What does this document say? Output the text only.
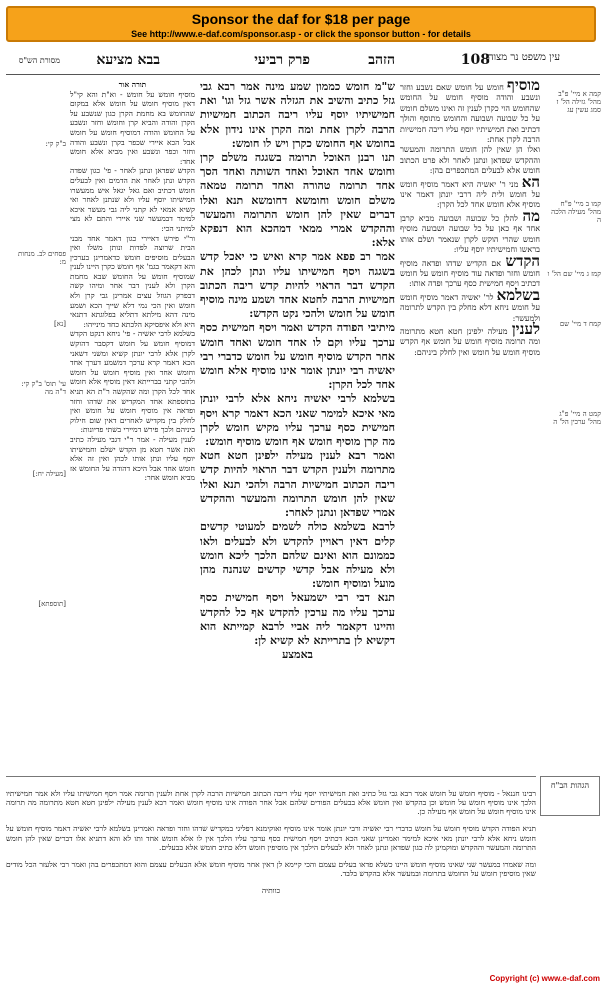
Sponsor the daf for $18 per page
See http://www.e-daf.com/sponsor.asp - or click the sponsor button - for details
עין משפט נר מצוה
108
הזהב
פרק רביעי
בבא מציעא
מסורת הש"ס
קמה א מיי' פ"ב מהל' גזילה הל' ז סמג עשין עג
קמו ב מיי' פ"ח מהל' מעילה הלכה ה
קמז ג מיי' שם הל' ו
קמח ד מיי' שם
קמט ה מיי' פ"ג מהל' ערכין הל' ה
ב"ק קי:
פסחים לב. מנחות מ:
[נא]
עי' תוס' ב"ק קי: ד"ה מה
[מעילה יח:]
[תוספתא]

מוסיף חומש על חומש שאם נשבע וחזר ונשבע והודה מוסיף חומש על החומש שהחומש הוי כקרן לענין זה ואינו משלם חומש על כל שבועה ושבועה והחומש מתוסף והולך דכתיב ואת חמישיתיו יוסף עליו ריבה חמישיות הרבה לקרן אחת:

ואלו הן שאין להן חומש התרומה והמעשר וההקדש שפדאן ונתנן לאחר ולא פרט הכתוב חומש אלא לבעלים המתכפרים בהן:

הא מני ר' יאשיה היא דאמר מוסיף חומש על חומש ולית ליה דרבי יונתן דאמר אינו מוסיף אלא חומש אחד לכל הקרן:

מה להלן כל שבועה ושבועה מביא קרבן אחד אף כאן על כל שבועה ושבועה מוסיף חומש שהרי הוקש לקרן שנאמר ושלם אותו בראשו וחמישיתיו יוסף עליו:

הקדש אם הקדיש שדהו ופדאה מוסיף חומש וחזר ופדאה עוד מוסיף חומש על חומש דכתיב ויסף חמישית כסף ערכך ופדה אותו:

בשלמא לר' יאשיה דאמר מוסיף חומש על חומש ניחא דלא מחלק בין הקדש לתרומה ולמעשר:

לענין מעילה ילפינן חטא חטא מתרומה ומה תרומה מוסיף חומש על חומש אף הקדש מוסיף חומש על חומש ואין לחלק ביניהם:

ש"מ חומש כממון שמע מינה אמר רבא גבי גזל כתיב והשיב את הגזלה אשר גזל וגו' ואת חמישיתיו יוסף עליו ריבה הכתוב חמישיות הרבה לקרן אחת ומה הקרן אינו נידון אלא בחומש אף החומש כקרן ויש לו חומש:

תנו רבנן האוכל תרומה בשגגה משלם קרן וחומש אחד האוכל ואחד השותה ואחד הסך אחד תרומה טהורה ואחד תרומה טמאה משלם חומש וחומשא דחומשא תנא ואלו דברים שאין להן חומש התרומה והמעשר וההקדש אמרי ממאי דמהכא הוא דנפקא אלא:

אמר רב פפא אמר קרא ואיש כי יאכל קדש בשגגה ויסף חמישיתו עליו ונתן לכהן את הקדש דבר הראוי להיות קדש ריבה הכתוב חמישיות הרבה לחטא אחד ושמע מינה מוסיף חומש על חומש ולהכי נקט הקדש:

מיתיבי הפודה הקדש ואמר ויסף חמישית כסף ערכך עליו וקם לו אחד חומש ואחד חומש אחר הקדש מוסיף חומש על חומש כדברי רבי יאשיה רבי יונתן אומר אינו מוסיף אלא חומש אחד לכל הקרן:

בשלמא לרבי יאשיה ניחא אלא לרבי יונתן מאי איכא למימר שאני הכא דאמר קרא ויסף חמישית כסף ערכך עליו מקיש חומש לקרן מה קרן מוסיף חומש אף חומש מוסיף חומש:

ואמר רבא לענין מעילה ילפינן חטא חטא מתרומה ולענין הקדש דבר הראוי להיות קדש ריבה הכתוב חמישיות הרבה ולהכי תנא ואלו שאין להן חומש התרומה והמעשר וההקדש אמרי שפדאן ונתנן לאחר:

לרבא בשלמא כולה לשמים למעוטי קדשים קלים דאין ראויין להקדש ולא לבעלים ולאו כממונם הוא ואינם שלהם הלכך ליכא חומש ולא מעילה אבל קדשי קדשים שנהנה מהן מועל ומוסיף חומש:

תנא דבי רבי ישמעאל ויסף חמישית כסף ערכך עליו מה ערכין להקדש אף כל להקדש והיינו דקאמר ליה אביי לרבא קמייתא הוא דקשיא לן בתרייתא לא קשיא לן:

באמצע

תורה אור

מוסיף חומש על חומש - וא"ת והא קי"ל דאין מוסיף חומש על חומש אלא במקום שהחומש בא מחמת הקרן כגון שנשבע על הקרן והודה והביא קרן וחומש וחזר ונשבע על החומש והודה דמוסיף חומש על חומש אבל הכא איירי שכפר בקרן ונשבע והודה וחזר וכפר ונשבע ואין מביא אלא חומש אחד:

הקדש שפדאן ונתנן לאחר - פי' כגון שפדה הקדש ונתן לאחר את הדמים ואין לבעלים חומש דכתיב ואם גאל יגאל איש ממעשרו חמישיתו יוסף עליו ולא שנתנן לאחר ואי קשיא אמאי לא קתני ליה גבי מעשר איכא למימר דבמעשר שני איירי והתם לא מצי למיתני הכי:

ור"י פירש דאיירי כגון דאמר אחד מבני הבית שרוצה לפדות ונותן משלו ואין הבעלים מוסיפים חומש כדאמרינן בערכין והא דקאמר בגמ' אף חומש כקרן היינו לענין שמוסיף חומש על החומש שבא מחמת הקרן ולא לענין דבר אחר ומיהו קשה דבפרק הגוזל עצים אמרינן גבי קרן ולא חומש ואין הכי נמי דלא שייך הכא ושמע מינה דהא מילתא דתליא בפלוגתא דתנאי היא ולא איפסיקא הלכתא כחד מינייהו:

בשלמא לרבי יאשיה - פי' ניחא דנקט הקדש דמוסיף חומש על חומש דקסבר דהוקש לקרן אלא לרבי יונתן קשיא ומשני דשאני הכא דאמר קרא ערכך דמשמע דערך אחד וחומש אחד ואין מוסיף חומש על חומש ולהכי קתני בברייתא דאין מוסיף אלא חומש אחד לכל הקרן ומה שהקשה ר"ת הא תניא בתוספתא אחד המקדיש את שדהו וחזר ופדאה אין מוסיף חומש על חומש ואין לחלק בין מקדיש לאחרים דאין שום חילוק ביניהם ולכך פירש דמיירי בשתי פדיונות:

לענין מעילה - אמר ר"י דגבי מעילה כתיב ואת אשר חטא מן הקדש ישלם וחמישיתו יוסף עליו ונתן אותו לכהן ואין זה אלא חומש אחד אבל היכא דהודה על החומש אז מביא חומש אחר:

רבינו חננאל - מוסיף חומש על חומש אמר רבא גבי גזל כתיב ואת חמישיתיו יוסף עליו ריבה הכתוב חמישיות הרבה לקרן אחת ולענין תרומה אמר ויסף חמישיתו עליו ולא אמר חמישיתיו הלכך אינו מוסיף חומש על חומש וכן בהקדש ואין חומש אלא בבעלים הפודים שלהם אבל אחר הפודה אינו מוסיף חומש ואמר רבא לענין מעילה ילפינן חטא חטא מתרומה מה תרומה אינו מוסיף חומש על חומש אף מעילה כן.

תניא הפודה הקדש מוסיף חומש על חומש כדברי רבי יאשיה ורבי יונתן אומר אינו מוסיף ואוקימנא דפליגי במקדיש שדהו וחזר ופדאה ואמרינן בשלמא לרבי יאשיה דאמר מוסיף חומש על חומש ניחא אלא לרבי יונתן מאי איכא למימר ואמרינן שאני הכא דכתיב ויסף חמישית כסף ערכך עליו הלכך אין לו אלא חומש אחד ותו לא והא דתניא אלו דברים שאין להן חומש התרומה והמעשר וההקדש ומוקמינן לה כגון שפדאן ונתנן לאחר ולא לבעלים הילכך אין מוסיפין חומש דלא כתיב חומש אלא בבעלים.

ומה שאמרו במעשר שני שאינו מוסיף חומש היינו כשלא פדאו בעלים עצמם והכי קיימא לן דאין אחר מוסיף חומש אלא הבעלים עצמם והוא דמתכפרים בהן ואמר רבי אלעזר הכל מודים שאין מוסיפין חומש על החומש בתרומה ובמעשר אלא בהקדש בלבד.

כוותיה

הגהות הב"ח
Copyright (c) www.e-daf.com
